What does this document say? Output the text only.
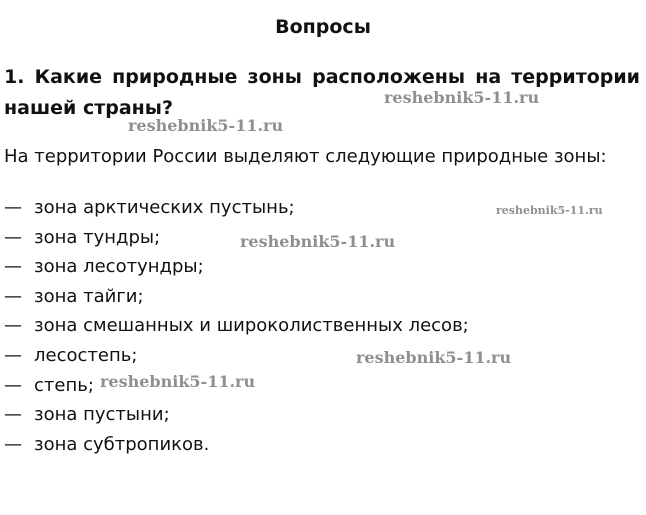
Вопросы
1. Какие природные зоны расположены на территории нашей страны?
На территории России выделяют следующие природные зоны:
— зона арктических пустынь;
— зона тундры;
— зона лесотундры;
— зона тайги;
— зона смешанных и широколиственных лесов;
— лесостепь;
— степь;
— зона пустыни;
— зона субтропиков.
reshebnik5-11.ru
reshebnik5-11.ru
reshebnik5-11.ru
reshebnik5-11.ru
reshebnik5-11.ru
reshebnik5-11.ru
